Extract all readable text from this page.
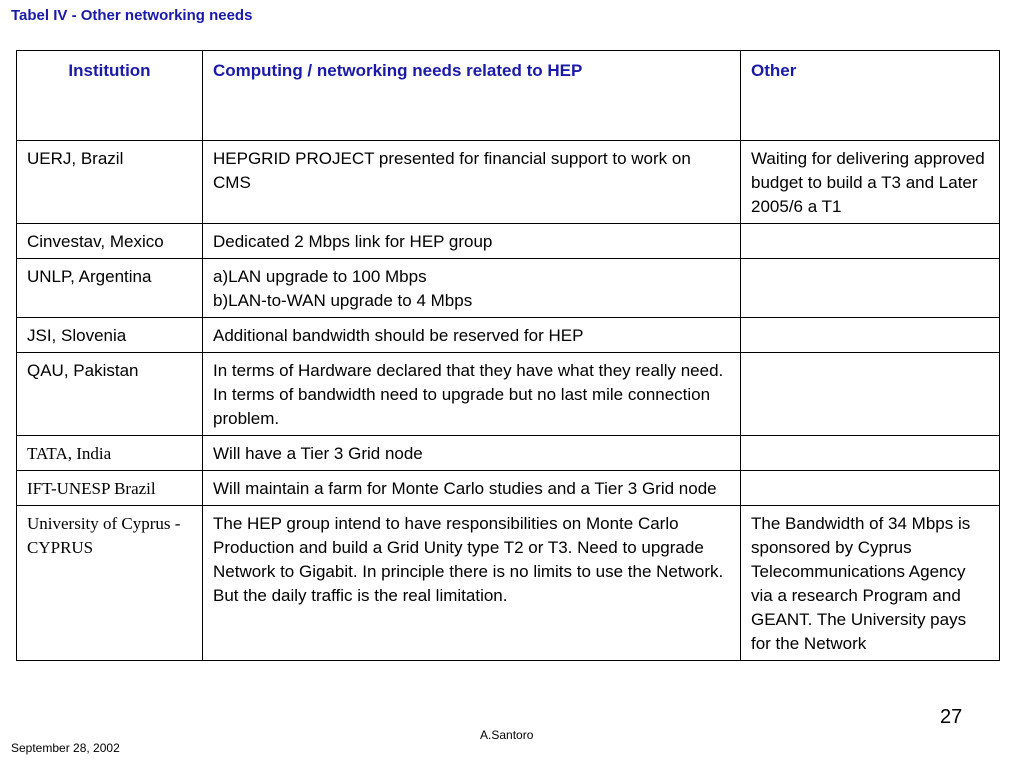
Tabel IV - Other networking needs
Institution	Computing / networking needs related to HEP	Other
UERJ, Brazil	HEPGRID PROJECT presented for financial support to work on CMS	Waiting for delivering approved budget to build a T3 and Later 2005/6 a T1
Cinvestav, Mexico	Dedicated 2 Mbps link for HEP group	
UNLP, Argentina	a)LAN upgrade to 100 Mbps
b)LAN-to-WAN upgrade to 4 Mbps	
JSI, Slovenia	Additional bandwidth should be reserved for HEP	
QAU, Pakistan	In terms of Hardware declared that they have what they really need. In terms of bandwidth need to upgrade but no last mile connection problem.	
TATA, India	Will have a Tier 3 Grid node	
IFT-UNESP Brazil	Will maintain a farm for Monte Carlo studies and a Tier 3 Grid node	
University of Cyprus - CYPRUS	The HEP group intend to have responsibilities on Monte Carlo Production and build a Grid Unity type T2 or T3. Need to upgrade Network to Gigabit. In principle there is no limits to use the Network. But the daily traffic is the real limitation.	The Bandwidth of 34 Mbps is sponsored by Cyprus Telecommunications Agency via a research Program and GEANT. The University pays for the Network
27
A.Santoro
September 28, 2002
